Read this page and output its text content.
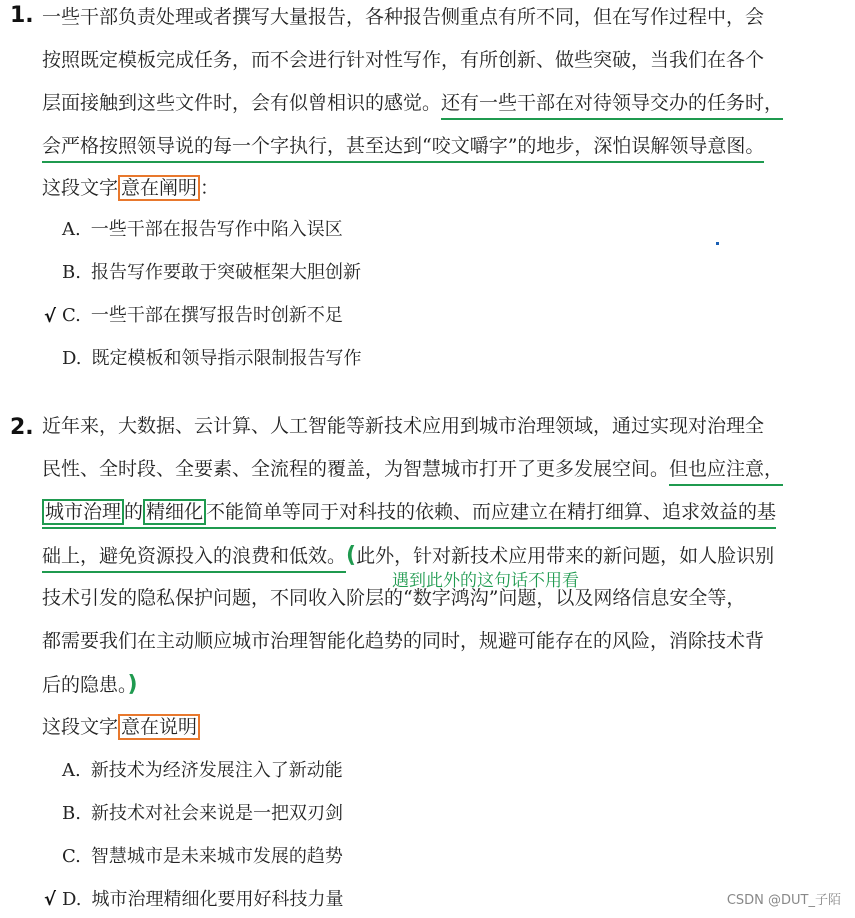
1. 一些干部负责处理或者撰写大量报告，各种报告侧重点有所不同，但在写作过程中，会
按照既定模板完成任务，而不会进行针对性写作，有所创新、做些突破，当我们在各个
层面接触到这些文件时，会有似曾相识的感觉。还有一些干部在对待领导交办的任务时，
会严格按照领导说的每一个字执行，甚至达到“咬文嚼字”的地步，深怕误解领导意图。
这段文字 意在阐明 ：
A. 一些干部在报告写作中陷入误区
B. 报告写作要敢于突破框架大胆创新
√ C. 一些干部在撰写报告时创新不足
D. 既定模板和领导指示限制报告写作
2. 近年来，大数据、云计算、人工智能等新技术应用到城市治理领域，通过实现对治理全
民性、全时段、全要素、全流程的覆盖，为智慧城市打开了更多发展空间。但也应注意，
城市治理 的 精细化 不能简单等同于对科技的依赖、而应建立在精打细算、追求效益的基
础上，避免资源投入的浪费和低效。(此外，针对新技术应用带来的新问题，如人脸识别
技术引发的隐私保护问题，不同收入阶层的“数字鸿沟”问题，以及网络信息安全等，
都需要我们在主动顺应城市治理智能化趋势的同时，规避可能存在的风险，消除技术背
后的隐患。)
遇到此外的这句话不用看
这段文字 意在说明
A. 新技术为经济发展注入了新动能
B. 新技术对社会来说是一把双刃剑
C. 智慧城市是未来城市发展的趋势
√ D. 城市治理精细化要用好科技力量	CSDN @DUT_子陌
